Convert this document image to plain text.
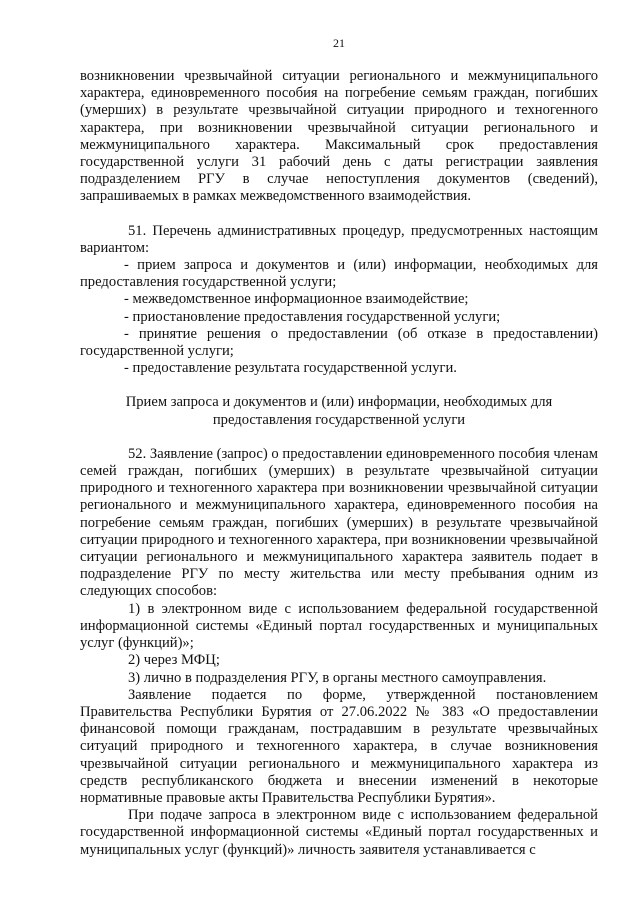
21

возникновении чрезвычайной ситуации регионального и межмуниципального характера, единовременного пособия на погребение семьям граждан, погибших (умерших) в результате чрезвычайной ситуации природного и техногенного характера, при возникновении чрезвычайной ситуации регионального и межмуниципального характера. Максимальный срок предоставления государственной услуги 31 рабочий день с даты регистрации заявления подразделением РГУ в случае непоступления документов (сведений), запрашиваемых в рамках межведомственного взаимодействия.

51. Перечень административных процедур, предусмотренных настоящим вариантом:

- прием запроса и документов и (или) информации, необходимых для предоставления государственной услуги;

- межведомственное информационное взаимодействие;

- приостановление предоставления государственной услуги;

- принятие решения о предоставлении (об отказе в предоставлении) государственной услуги;

- предоставление результата государственной услуги.

Прием запроса и документов и (или) информации, необходимых для предоставления государственной услуги

52. Заявление (запрос) о предоставлении единовременного пособия членам семей граждан, погибших (умерших) в результате чрезвычайной ситуации природного и техногенного характера при возникновении чрезвычайной ситуации регионального и межмуниципального характера, единовременного пособия на погребение семьям граждан, погибших (умерших) в результате чрезвычайной ситуации природного и техногенного характера, при возникновении чрезвычайной ситуации регионального и межмуниципального характера заявитель подает в подразделение РГУ по месту жительства или месту пребывания одним из следующих способов:

1) в электронном виде с использованием федеральной государственной информационной системы «Единый портал государственных и муниципальных услуг (функций)»;

2) через МФЦ;

3) лично в подразделения РГУ, в органы местного самоуправления.

Заявление подается по форме, утвержденной постановлением Правительства Республики Бурятия от 27.06.2022 № 383 «О предоставлении финансовой помощи гражданам, пострадавшим в результате чрезвычайных ситуаций природного и техногенного характера, в случае возникновения чрезвычайной ситуации регионального и межмуниципального характера из средств республиканского бюджета и внесении изменений в некоторые нормативные правовые акты Правительства Республики Бурятия».

При подаче запроса в электронном виде с использованием федеральной государственной информационной системы «Единый портал государственных и муниципальных услуг (функций)» личность заявителя устанавливается с
